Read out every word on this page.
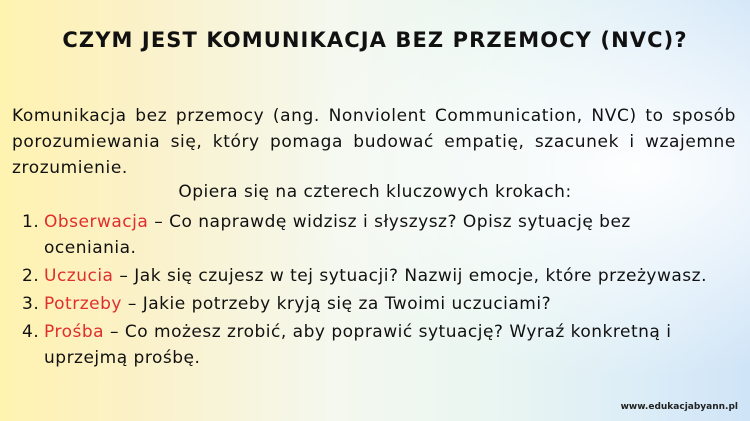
CZYM JEST KOMUNIKACJA BEZ PRZEMOCY (NVC)?

Komunikacja bez przemocy (ang. Nonviolent Communication, NVC) to sposób porozumiewania się, który pomaga budować empatię, szacunek i wzajemne zrozumienie.

Opiera się na czterech kluczowych krokach:
1. Obserwacja – Co naprawdę widzisz i słyszysz? Opisz sytuację bez oceniania.
2. Uczucia – Jak się czujesz w tej sytuacji? Nazwij emocje, które przeżywasz.
3. Potrzeby – Jakie potrzeby kryją się za Twoimi uczuciami?
4. Prośba – Co możesz zrobić, aby poprawić sytuację? Wyraź konkretną i uprzejmą prośbę.
www.edukacjabyann.pl
